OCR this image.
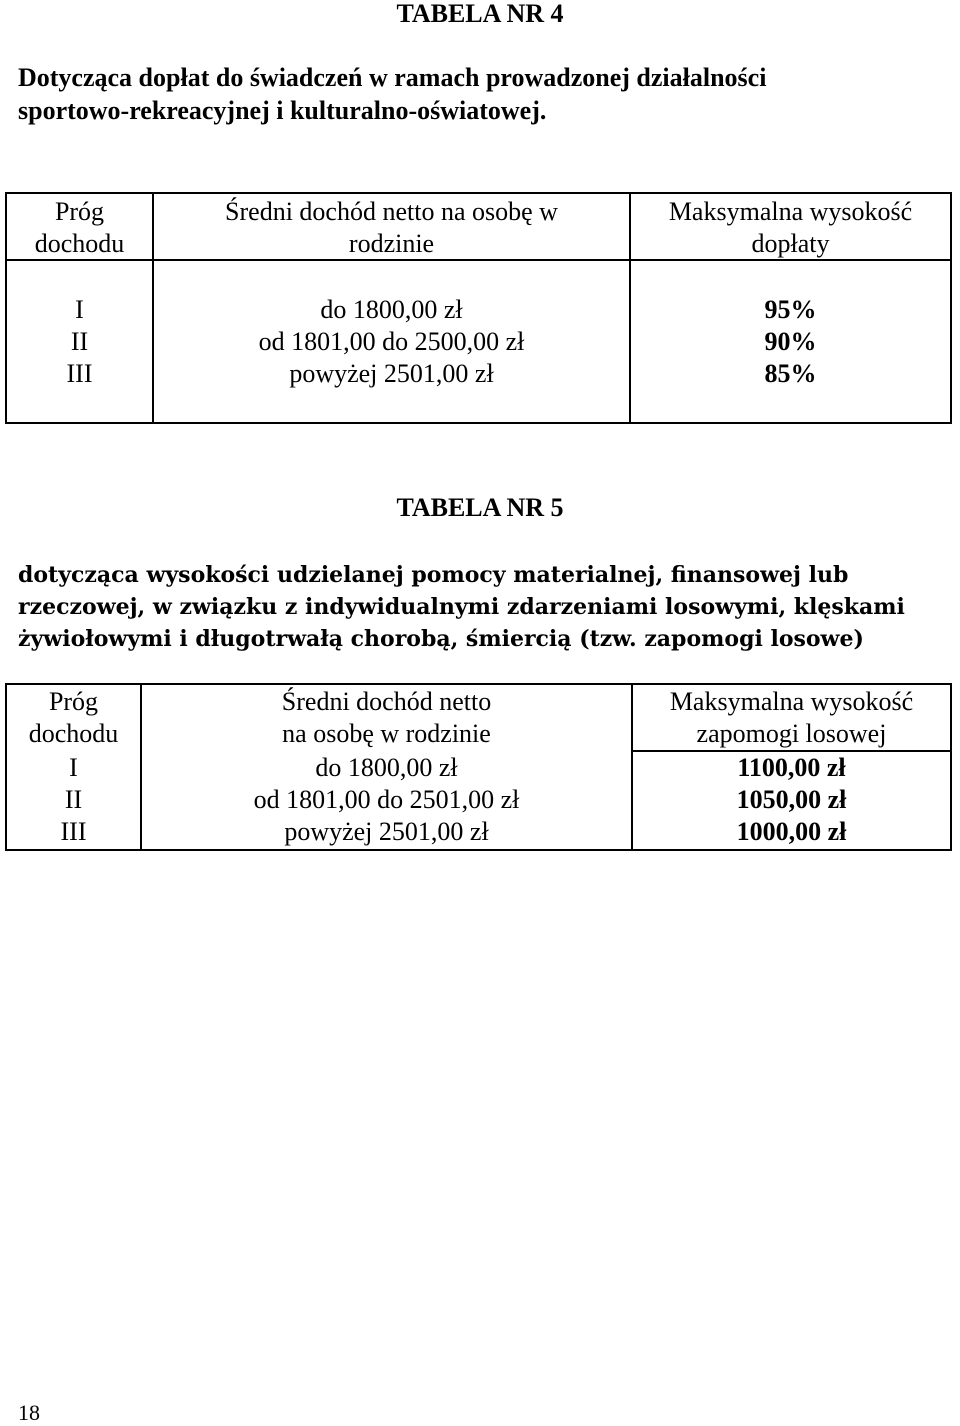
TABELA NR 4
Dotycząca dopłat do świadczeń w ramach prowadzonej działalności
sportowo-rekreacyjnej i kulturalno-oświatowej.
Próg
dochodu
Średni dochód netto na osobę w
rodzinie
Maksymalna wysokość
dopłaty
I
II
III
do 1800,00 zł
od 1801,00 do 2500,00 zł
powyżej 2501,00 zł
95%
90%
85%
TABELA NR 5
dotycząca wysokości udzielanej pomocy materialnej, finansowej lub
rzeczowej, w związku z indywidualnymi zdarzeniami losowymi, klęskami
żywiołowymi i długotrwałą chorobą, śmiercią (tzw. zapomogi losowe)
Próg
dochodu
Średni dochód netto
na osobę w rodzinie
Maksymalna wysokość
zapomogi losowej
I
II
III
do 1800,00 zł
od 1801,00 do 2501,00 zł
powyżej 2501,00 zł
1100,00 zł
1050,00 zł
1000,00 zł
18
